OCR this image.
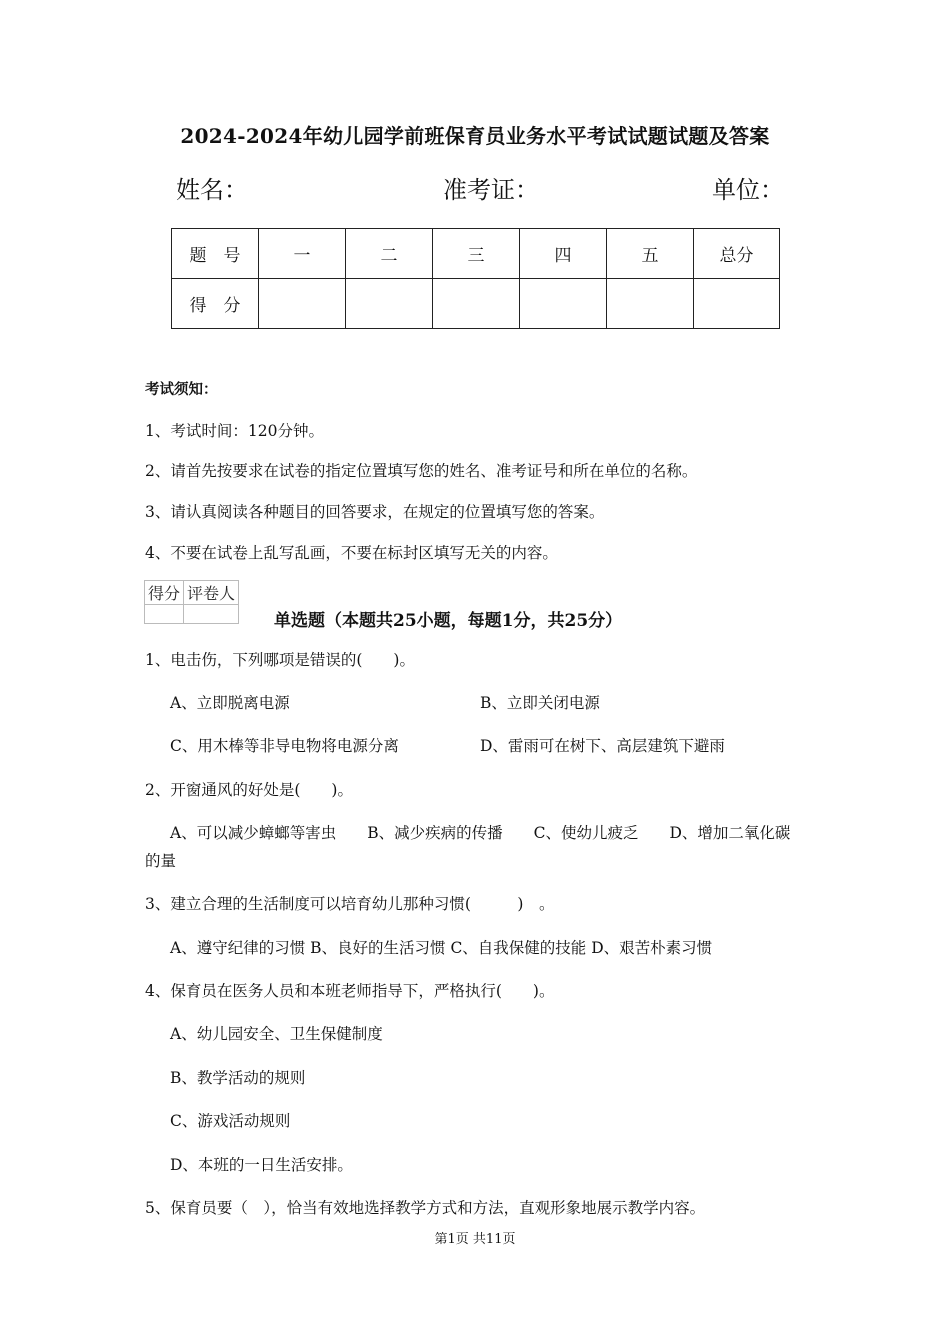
2024-2024年幼儿园学前班保育员业务水平考试试题试题及答案
姓名：	准考证：	单位：
题　号	一	二	三	四	五	总分
得　分						
考试须知：
1、考试时间：120分钟。
2、请首先按要求在试卷的指定位置填写您的姓名、准考证号和所在单位的名称。
3、请认真阅读各种题目的回答要求，在规定的位置填写您的答案。
4、不要在试卷上乱写乱画，不要在标封区填写无关的内容。
得分	评卷人

单选题（本题共25小题，每题1分，共25分）
1、电击伤，下列哪项是错误的(　　)。
A、立即脱离电源	B、立即关闭电源
C、用木棒等非导电物将电源分离	D、雷雨可在树下、高层建筑下避雨
2、开窗通风的好处是(　　)。
A、可以减少蟑螂等害虫　　B、减少疾病的传播　　C、使幼儿疲乏　　D、增加二氧化碳
的量
3、建立合理的生活制度可以培育幼儿那种习惯(　　　)　。
A、遵守纪律的习惯 B、良好的生活习惯 C、自我保健的技能 D、艰苦朴素习惯
4、保育员在医务人员和本班老师指导下，严格执行(　　)。
A、幼儿园安全、卫生保健制度
B、教学活动的规则
C、游戏活动规则
D、本班的一日生活安排。
5、保育员要（　），恰当有效地选择教学方式和方法，直观形象地展示教学内容。
第1页 共11页
